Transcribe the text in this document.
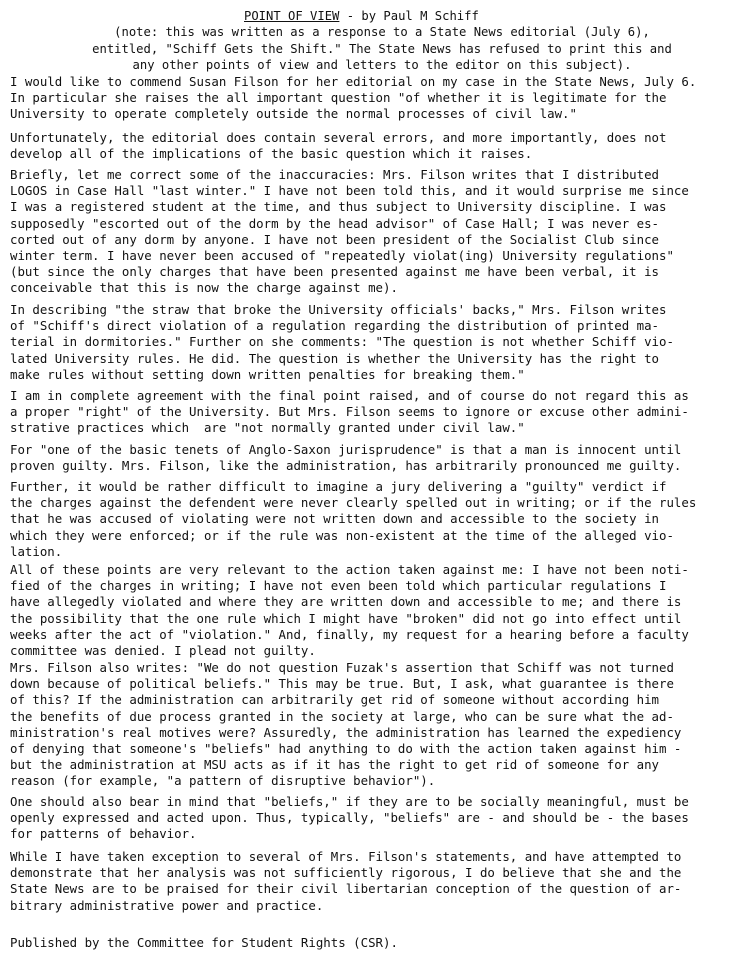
POINT OF VIEW - by Paul M Schiff
(note: this was written as a response to a State News editorial (July 6),
entitled, "Schiff Gets the Shift." The State News has refused to print this and
any other points of view and letters to the editor on this subject).
I would like to commend Susan Filson for her editorial on my case in the State News, July 6.
In particular she raises the all important question "of whether it is legitimate for the
University to operate completely outside the normal processes of civil law."
Unfortunately, the editorial does contain several errors, and more importantly, does not
develop all of the implications of the basic question which it raises.
Briefly, let me correct some of the inaccuracies: Mrs. Filson writes that I distributed
LOGOS in Case Hall "last winter." I have not been told this, and it would surprise me since
I was a registered student at the time, and thus subject to University discipline. I was
supposedly "escorted out of the dorm by the head advisor" of Case Hall; I was never es-
corted out of any dorm by anyone. I have not been president of the Socialist Club since
winter term. I have never been accused of "repeatedly violat(ing) University regulations"
(but since the only charges that have been presented against me have been verbal, it is
conceivable that this is now the charge against me).
In describing "the straw that broke the University officials' backs," Mrs. Filson writes
of "Schiff's direct violation of a regulation regarding the distribution of printed ma-
terial in dormitories." Further on she comments: "The question is not whether Schiff vio-
lated University rules. He did. The question is whether the University has the right to
make rules without setting down written penalties for breaking them."
I am in complete agreement with the final point raised, and of course do not regard this as
a proper "right" of the University. But Mrs. Filson seems to ignore or excuse other admini-
strative practices which  are "not normally granted under civil law."
For "one of the basic tenets of Anglo-Saxon jurisprudence" is that a man is innocent until
proven guilty. Mrs. Filson, like the administration, has arbitrarily pronounced me guilty.
Further, it would be rather difficult to imagine a jury delivering a "guilty" verdict if
the charges against the defendent were never clearly spelled out in writing; or if the rules
that he was accused of violating were not written down and accessible to the society in
which they were enforced; or if the rule was non-existent at the time of the alleged vio-
lation.
All of these points are very relevant to the action taken against me: I have not been noti-
fied of the charges in writing; I have not even been told which particular regulations I
have allegedly violated and where they are written down and accessible to me; and there is
the possibility that the one rule which I might have "broken" did not go into effect until
weeks after the act of "violation." And, finally, my request for a hearing before a faculty
committee was denied. I plead not guilty.
Mrs. Filson also writes: "We do not question Fuzak's assertion that Schiff was not turned
down because of political beliefs." This may be true. But, I ask, what guarantee is there
of this? If the administration can arbitrarily get rid of someone without according him
the benefits of due process granted in the society at large, who can be sure what the ad-
ministration's real motives were? Assuredly, the administration has learned the expediency
of denying that someone's "beliefs" had anything to do with the action taken against him -
but the administration at MSU acts as if it has the right to get rid of someone for any
reason (for example, "a pattern of disruptive behavior").
One should also bear in mind that "beliefs," if they are to be socially meaningful, must be
openly expressed and acted upon. Thus, typically, "beliefs" are - and should be - the bases
for patterns of behavior.
While I have taken exception to several of Mrs. Filson's statements, and have attempted to
demonstrate that her analysis was not sufficiently rigorous, I do believe that she and the
State News are to be praised for their civil libertarian conception of the question of ar-
bitrary administrative power and practice.
Published by the Committee for Student Rights (CSR).
